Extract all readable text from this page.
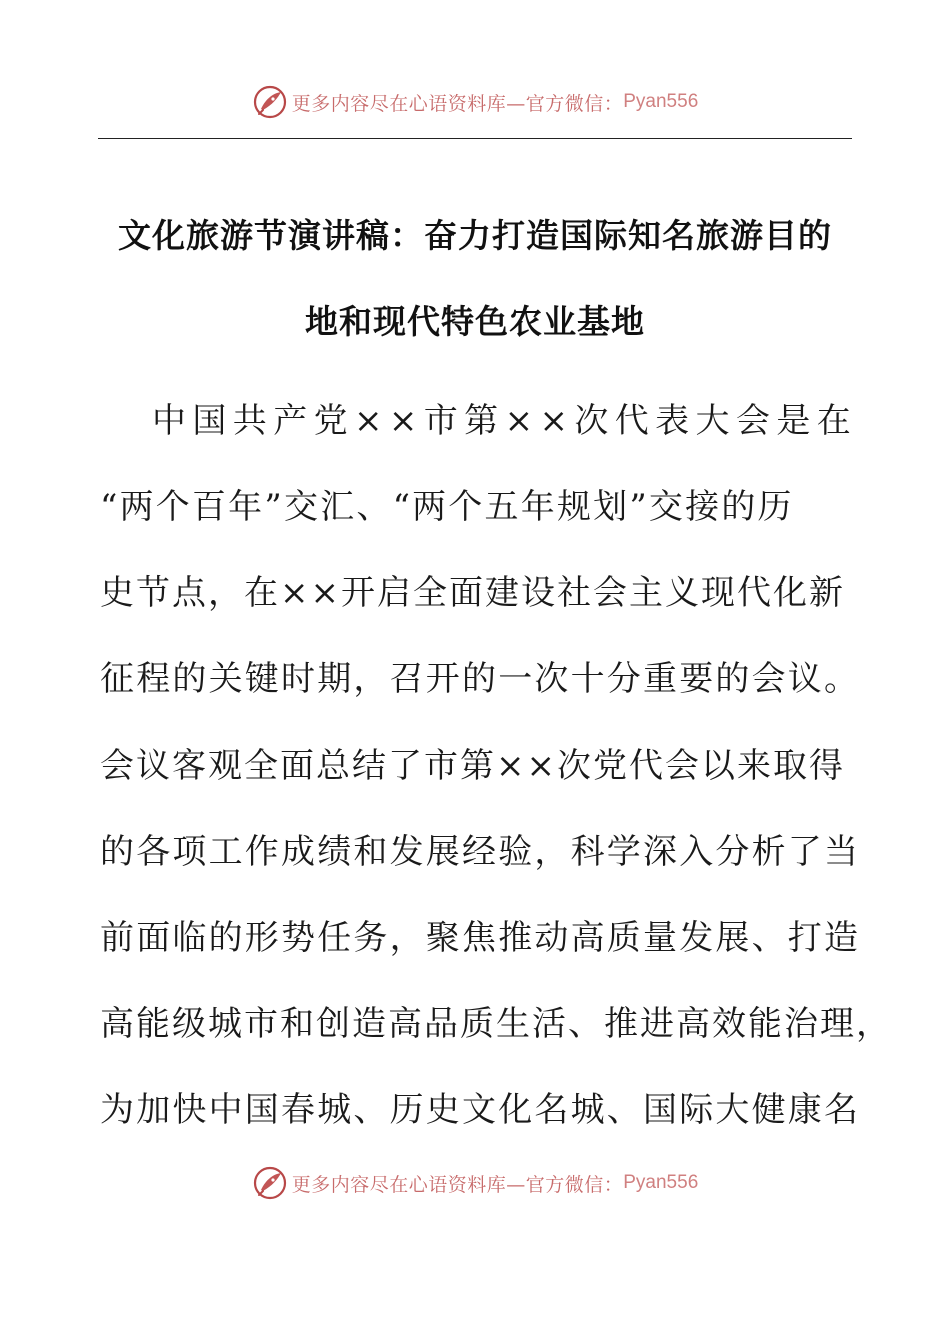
更多内容尽在心语资料库—官方微信： Pyan556
文化旅游节演讲稿：奋力打造国际知名旅游目的
地和现代特色农业基地
中国共产党××市第××次代表大会是在
“两个百年”交汇、“两个五年规划”交接的历
史节点，在××开启全面建设社会主义现代化新
征程的关键时期，召开的一次十分重要的会议。
会议客观全面总结了市第××次党代会以来取得
的各项工作成绩和发展经验，科学深入分析了当
前面临的形势任务，聚焦推动高质量发展、打造
高能级城市和创造高品质生活、推进高效能治理，
为加快中国春城、历史文化名城、国际大健康名
更多内容尽在心语资料库—官方微信： Pyan556
